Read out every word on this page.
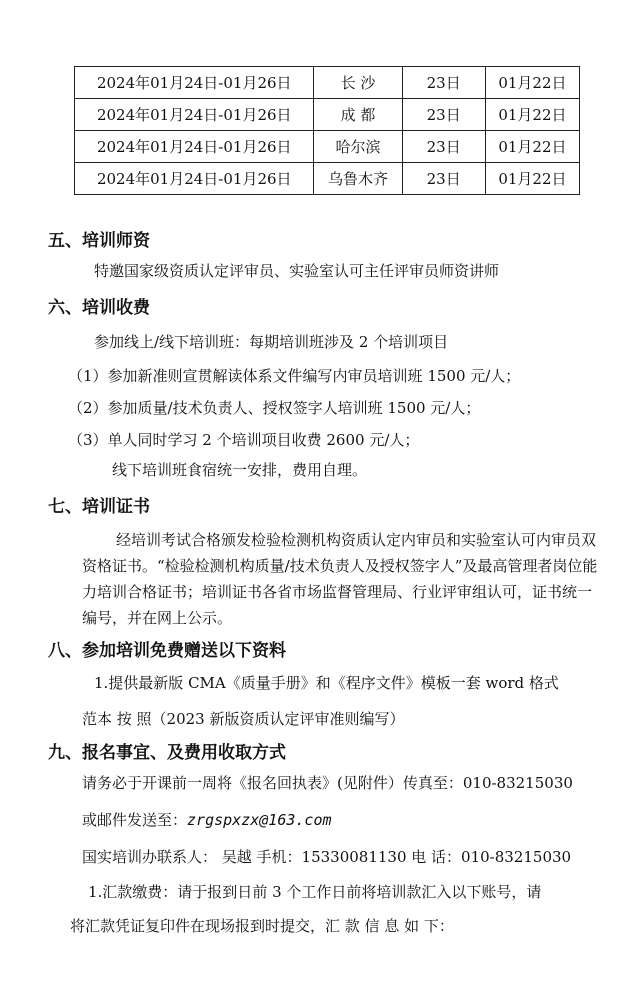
2024年01月24日-01月26日	长 沙	23日	01月22日
2024年01月24日-01月26日	成 都	23日	01月22日
2024年01月24日-01月26日	哈尔滨	23日	01月22日
2024年01月24日-01月26日	乌鲁木齐	23日	01月22日
五、培训师资
特邀国家级资质认定评审员、实验室认可主任评审员师资讲师
六、培训收费
参加线上/线下培训班：每期培训班涉及 2 个培训项目
（1）参加新准则宣贯解读体系文件编写内审员培训班 1500 元/人；
（2）参加质量/技术负责人、授权签字人培训班 1500 元/人；
（3）单人同时学习 2 个培训项目收费 2600 元/人；
线下培训班食宿统一安排，费用自理。
七、培训证书
经培训考试合格颁发检验检测机构资质认定内审员和实验室认可内审员双资格证书。“检验检测机构质量/技术负责人及授权签字人”及最高管理者岗位能力培训合格证书；培训证书各省市场监督管理局、行业评审组认可，证书统一编号，并在网上公示。
八、参加培训免费赠送以下资料
1.提供最新版 CMA《质量手册》和《程序文件》模板一套 word 格式
范本 按 照（2023 新版资质认定评审准则编写）
九、报名事宜、及费用收取方式
请务必于开课前一周将《报名回执表》(见附件）传真至：010-83215030
或邮件发送至：zrgspxzx@163.com
国实培训办联系人： 吴越 手机：15330081130 电 话：010-83215030
1.汇款缴费：请于报到日前 3 个工作日前将培训款汇入以下账号，请
将汇款凭证复印件在现场报到时提交，汇 款 信 息 如 下：
